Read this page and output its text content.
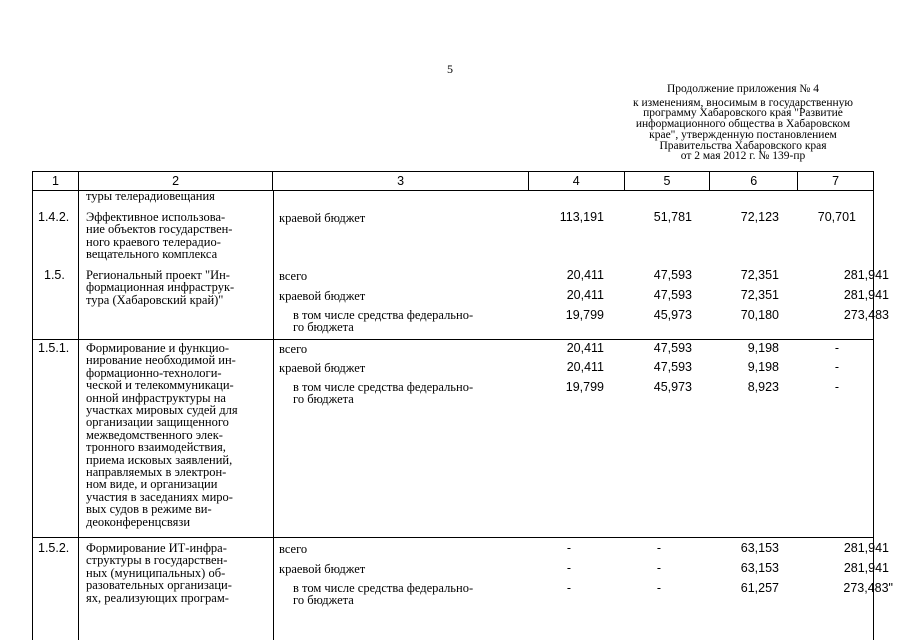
5
Продолжение приложения № 4
к изменениям, вносимым в государственную
программу Хабаровского края "Развитие
информационного общества в Хабаровском
крае", утвержденную постановлением
Правительства Хабаровского края
от 2 мая 2012 г. № 139-пр
1	2	3	4	5	6	7
туры телерадиовещания
1.4.2. Эффективное использова-
ние объектов государствен-
ного краевого телерадио-
вещательного комплекса
краевой бюджет	113,191	51,781	72,123	70,701
1.5. Региональный проект "Ин-
формационная инфраструк-
тура (Хабаровский край)"
всего	20,411	47,593	72,351	281,941
краевой бюджет	20,411	47,593	72,351	281,941
в том числе средства федерально-
го бюджета
19,799	45,973	70,180	273,483
1.5.1. Формирование и функцио-
нирование необходимой ин-
формационно-технологи-
ческой и телекоммуникаци-
онной инфраструктуры на
участках мировых судей для
организации защищенного
межведомственного элек-
тронного взаимодействия,
приема исковых заявлений,
направляемых в электрон-
ном виде, и организации
участия в заседаниях миро-
вых судов в режиме ви-
деоконференцсвязи
всего	20,411	47,593	9,198	-
краевой бюджет	20,411	47,593	9,198	-
в том числе средства федерально-
го бюджета
19,799	45,973	8,923	-
1.5.2. Формирование ИТ-инфра-
структуры в государствен-
ных (муниципальных) об-
разовательных организаци-
ях, реализующих програм-
всего	-	-	63,153	281,941
краевой бюджет	-	-	63,153	281,941
в том числе средства федерально-
го бюджета
-	-	61,257	273,483"
